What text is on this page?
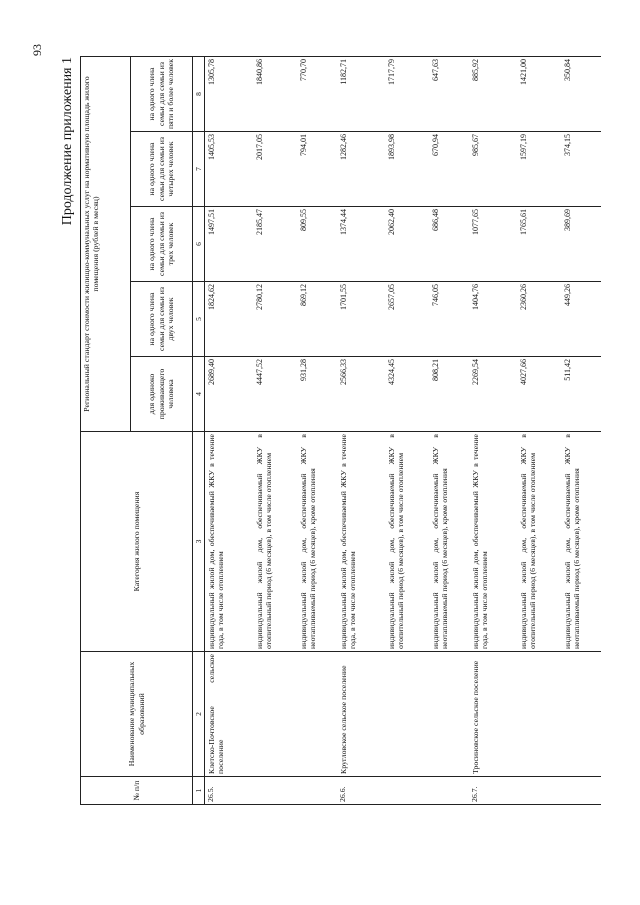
93
Продолжение приложения 1
№ п/п	Наименование муниципальных образований	Категория жилого помещения	Региональный стандарт стоимости жилищно-коммунальных услуг на нормативную площадь жилого помещения (рублей в месяц)				
			для одиноко проживающего человека	на одного члена семьи для семьи из двух человек	на одного члена семьи для семьи из трех человек	на одного члена семьи для семьи из четырех человек	на одного члена семьи для семьи из пяти и более человек
1	2	3	4	5	6	7	8
26.5.	Клетско-Почтовское сельское поселение	индивидуальный жилой дом, обеспечиваемый ЖКУ в течение года, в том числе отоплением	2689,40	1824,62	1497,51	1405,53	1305,78
		индивидуальный жилой дом, обеспечиваемый ЖКУ в отопительный период (6 месяцев), в том числе отоплением	4447,52	2780,12	2185,47	2017,05	1840,86
		индивидуальный жилой дом, обеспечиваемый ЖКУ в неотапливаемый период (6 месяцев), кроме отопления	931,28	869,12	809,55	794,01	770,70
26.6.	Кругловское сельское поселение	индивидуальный жилой дом, обеспечиваемый ЖКУ в течение года, в том числе отоплением	2566,33	1701,55	1374,44	1282,46	1182,71
		индивидуальный жилой дом, обеспечиваемый ЖКУ в отопительный период (6 месяцев), в том числе отоплением	4324,45	2657,05	2062,40	1893,98	1717,79
		индивидуальный жилой дом, обеспечиваемый ЖКУ в неотапливаемый период (6 месяцев), кроме отопления	808,21	746,05	686,48	670,94	647,63
26.7.	Тросиновское сельское поселение	индивидуальный жилой дом, обеспечиваемый ЖКУ в течение года, в том числе отоплением	2269,54	1404,76	1077,65	985,67	885,92
		индивидуальный жилой дом, обеспечиваемый ЖКУ в отопительный период (6 месяцев), в том числе отоплением	4027,66	2360,26	1765,61	1597,19	1421,00
		индивидуальный жилой дом, обеспечиваемый ЖКУ в неотапливаемый период (6 месяцев), кроме отопления	511,42	449,26	389,69	374,15	350,84
